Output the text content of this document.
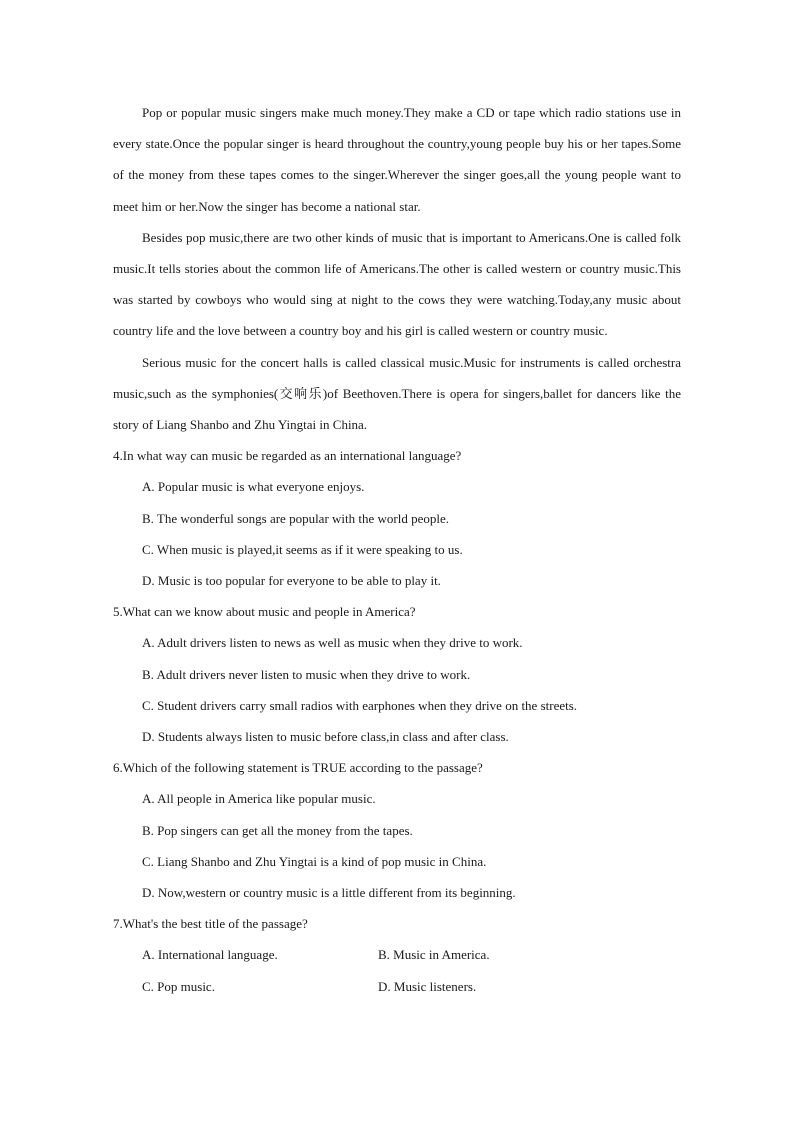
Pop or popular music singers make much money.They make a CD or tape which radio stations use in every state.Once the popular singer is heard throughout the country,young people buy his or her tapes.Some of the money from these tapes comes to the singer.Wherever the singer goes,all the young people want to meet him or her.Now the singer has become a national star.

Besides pop music,there are two other kinds of music that is important to Americans.One is called folk music.It tells stories about the common life of Americans.The other is called western or country music.This was started by cowboys who would sing at night to the cows they were watching.Today,any music about country life and the love between a country boy and his girl is called western or country music.

Serious music for the concert halls is called classical music.Music for instruments is called orchestra music,such as the symphonies(交响乐)of Beethoven.There is opera for singers,ballet for dancers like the story of Liang Shanbo and Zhu Yingtai in China.

4.In what way can music be regarded as an international language?
A. Popular music is what everyone enjoys.
B. The wonderful songs are popular with the world people.
C. When music is played,it seems as if it were speaking to us.
D. Music is too popular for everyone to be able to play it.
5.What can we know about music and people in America?
A. Adult drivers listen to news as well as music when they drive to work.
B. Adult drivers never listen to music when they drive to work.
C. Student drivers carry small radios with earphones when they drive on the streets.
D. Students always listen to music before class,in class and after class.
6.Which of the following statement is TRUE according to the passage?
A. All people in America like popular music.
B. Pop singers can get all the money from the tapes.
C. Liang Shanbo and Zhu Yingtai is a kind of pop music in China.
D. Now,western or country music is a little different from its beginning.
7.What's the best title of the passage?
A. International language.	B. Music in America.
C. Pop music.	D. Music listeners.
